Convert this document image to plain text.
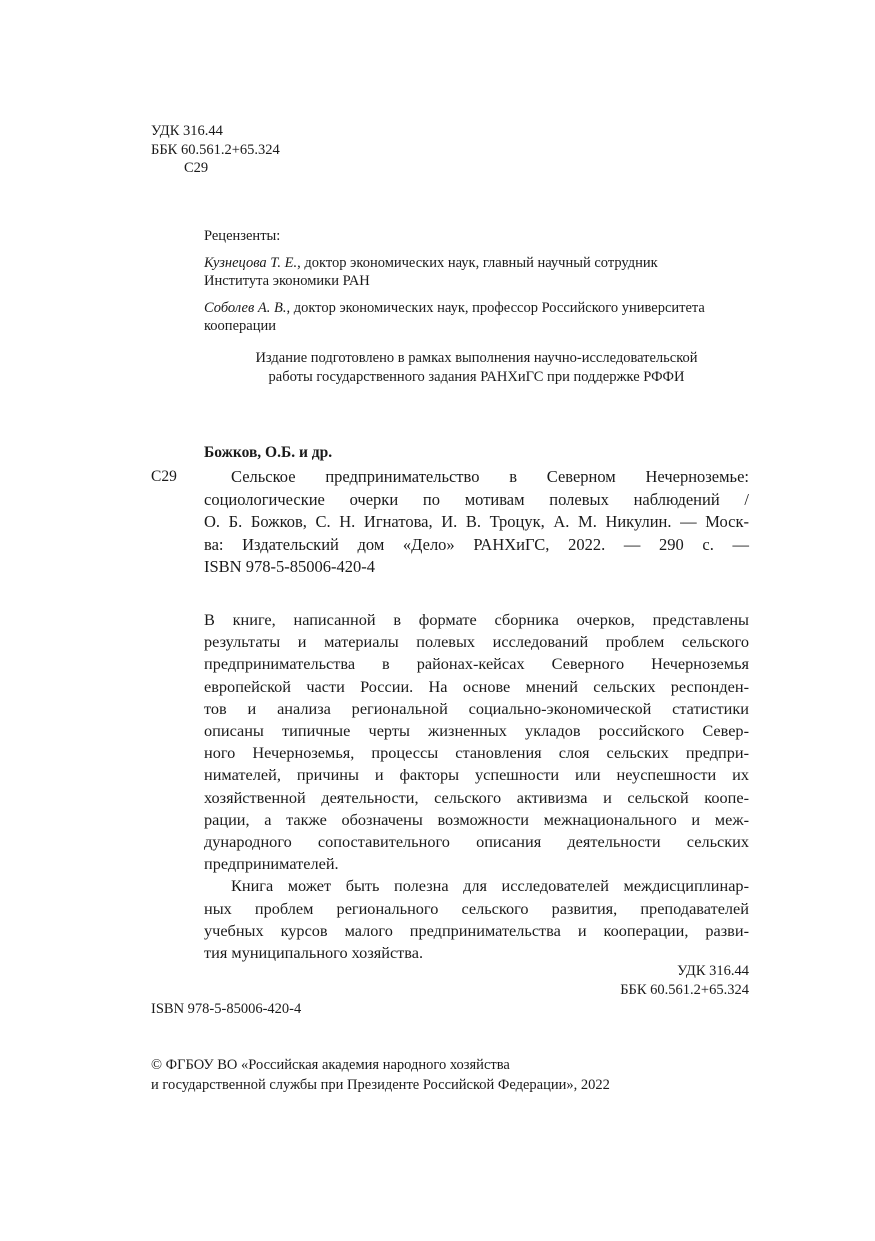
УДК 316.44
ББК 60.561.2+65.324
С29
Рецензенты:
Кузнецова Т. Е., доктор экономических наук, главный научный сотрудник
Института экономики РАН
Соболев А. В., доктор экономических наук, профессор Российского университета
кооперации
Издание подготовлено в рамках выполнения научно-исследовательской
работы государственного задания РАНХиГС при поддержке РФФИ
Божков, О.Б. и др.
С29	Сельское предпринимательство в Северном Нечерноземье:
социологические очерки по мотивам полевых наблюдений /
О. Б. Божков, С. Н. Игнатова, И. В. Троцук, А. М. Никулин. — Моск-
ва: Издательский дом «Дело» РАНХиГС, 2022. — 290 с. —
ISBN 978-5-85006-420-4
В книге, написанной в формате сборника очерков, представлены
результаты и материалы полевых исследований проблем сельского
предпринимательства в районах-кейсах Северного Нечерноземья
европейской части России. На основе мнений сельских респонден-
тов и анализа региональной социально-экономической статистики
описаны типичные черты жизненных укладов российского Север-
ного Нечерноземья, процессы становления слоя сельских предпри-
нимателей, причины и факторы успешности или неуспешности их
хозяйственной деятельности, сельского активизма и сельской коопе-
рации, а также обозначены возможности межнационального и меж-
дународного сопоставительного описания деятельности сельских
предпринимателей.
Книга может быть полезна для исследователей междисциплинар-
ных проблем регионального сельского развития, преподавателей
учебных курсов малого предпринимательства и кооперации, разви-
тия муниципального хозяйства.
УДК 316.44
ББК 60.561.2+65.324
ISBN 978-5-85006-420-4
© ФГБОУ ВО «Российская академия народного хозяйства
и государственной службы при Президенте Российской Федерации», 2022
